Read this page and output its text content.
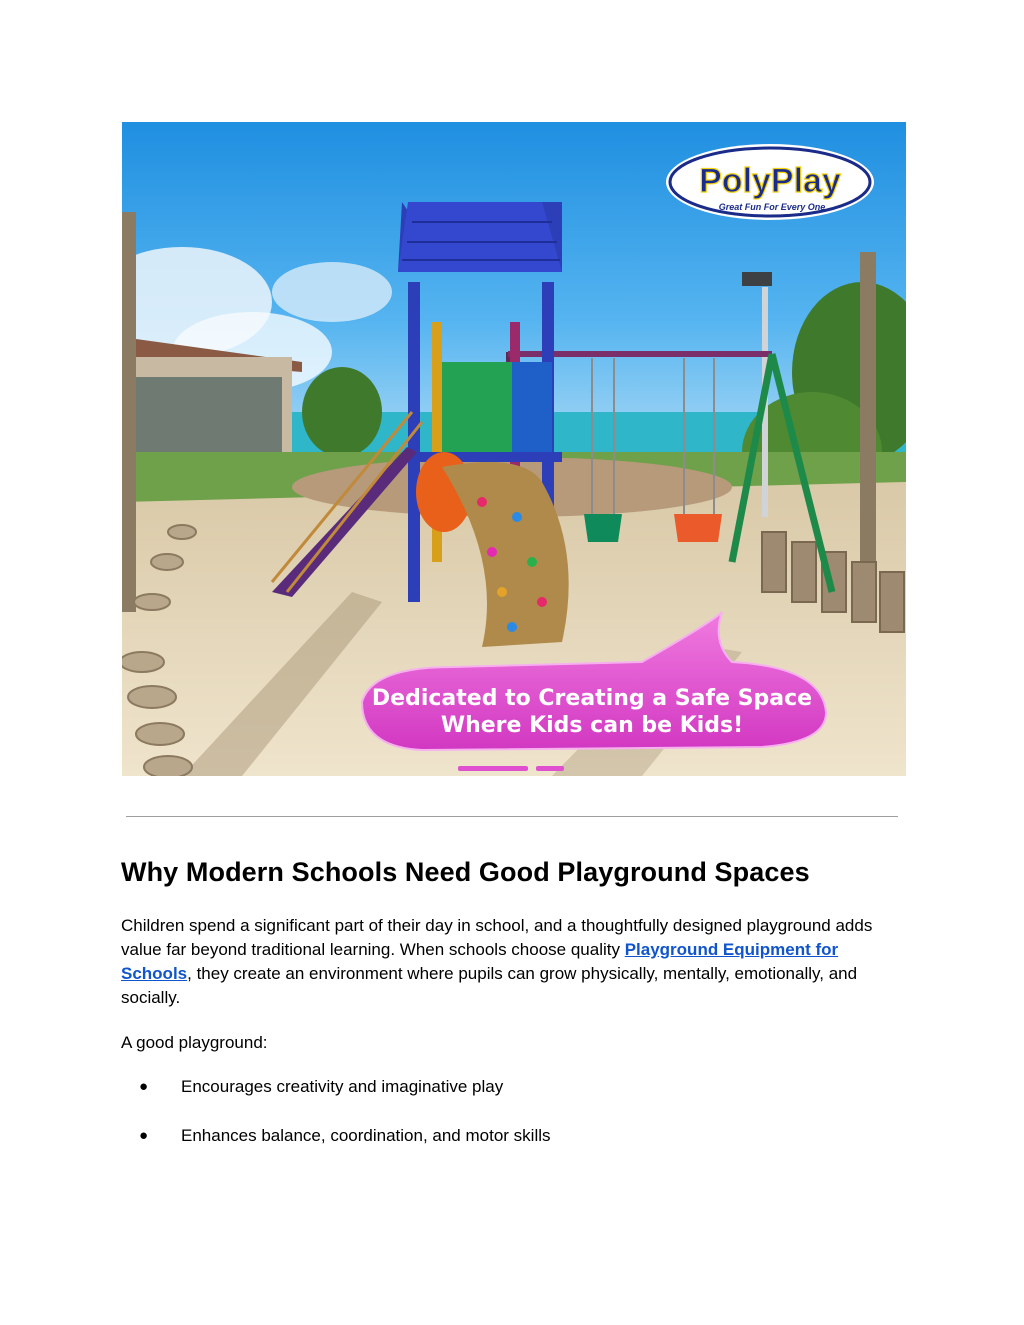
PolyPlay
Great Fun For Every One
Dedicated to Creating a Safe Space
Where Kids can be Kids!
Why Modern Schools Need Good Playground Spaces

Children spend a significant part of their day in school, and a thoughtfully designed playground adds value far beyond traditional learning. When schools choose quality Playground Equipment for Schools, they create an environment where pupils can grow physically, mentally, emotionally, and socially.

A good playground:

● Encourages creativity and imaginative play
● Enhances balance, coordination, and motor skills
